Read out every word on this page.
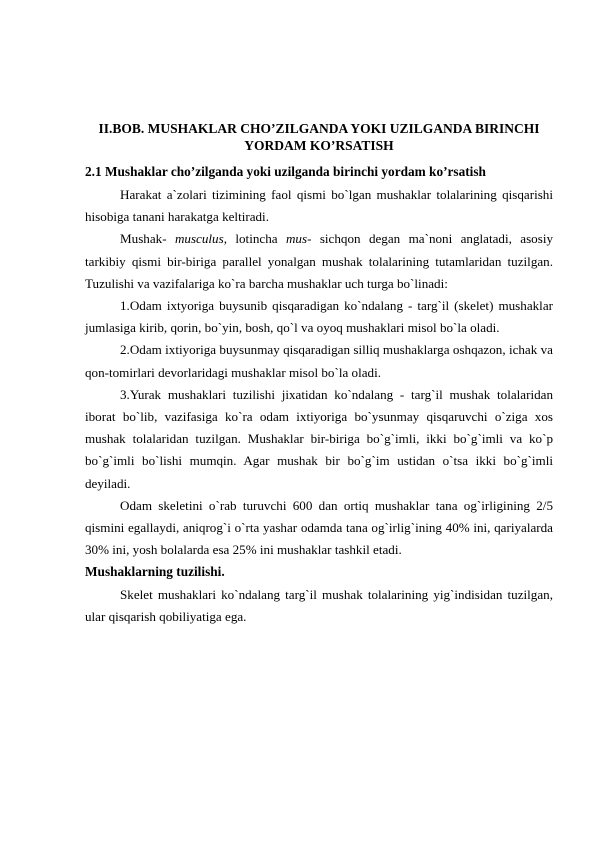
II.BOB. MUSHAKLAR CHO’ZILGANDA YOKI UZILGANDA BIRINCHI YORDAM KO’RSATISH
2.1 Mushaklar cho’zilganda yoki uzilganda birinchi yordam ko’rsatish

Harakat a`zolari tizimining faol qismi bo`lgan mushaklar tolalarining qisqarishi hisobiga tanani harakatga keltiradi.

Mushak- musculus, lotincha mus- sichqon degan ma`noni anglatadi, asosiy tarkibiy qismi bir-biriga parallel yonalgan mushak tolalarining tutamlaridan tuzilgan. Tuzulishi va vazifalariga ko`ra barcha mushaklar uch turga bo`linadi:

1.Odam ixtyoriga buysunib qisqaradigan ko`ndalang - targ`il (skelet) mushaklar jumlasiga kirib, qorin, bo`yin, bosh, qo`l va oyoq mushaklari misol bo`la oladi.

2.Odam ixtiyoriga buysunmay qisqaradigan silliq mushaklarga oshqazon, ichak va qon-tomirlari devorlaridagi mushaklar misol bo`la oladi.

3.Yurak mushaklari tuzilishi jixatidan ko`ndalang - targ`il mushak tolalaridan iborat bo`lib, vazifasiga ko`ra odam ixtiyoriga bo`ysunmay qisqaruvchi o`ziga xos mushak tolalaridan tuzilgan. Mushaklar bir-biriga bo`g`imli, ikki bo`g`imli va ko`p bo`g`imli bo`lishi mumqin. Agar mushak bir bo`g`im ustidan o`tsa ikki bo`g`imli deyiladi.

Odam skeletini o`rab turuvchi 600 dan ortiq mushaklar tana og`irligining 2/5 qismini egallaydi, aniqrog`i o`rta yashar odamda tana og`irlig`ining 40% ini, qariyalarda 30% ini, yosh bolalarda esa 25% ini mushaklar tashkil etadi.

Mushaklarning tuzilishi.

Skelet mushaklari ko`ndalang targ`il mushak tolalarining yig`indisidan tuzilgan, ular qisqarish qobiliyatiga ega.
